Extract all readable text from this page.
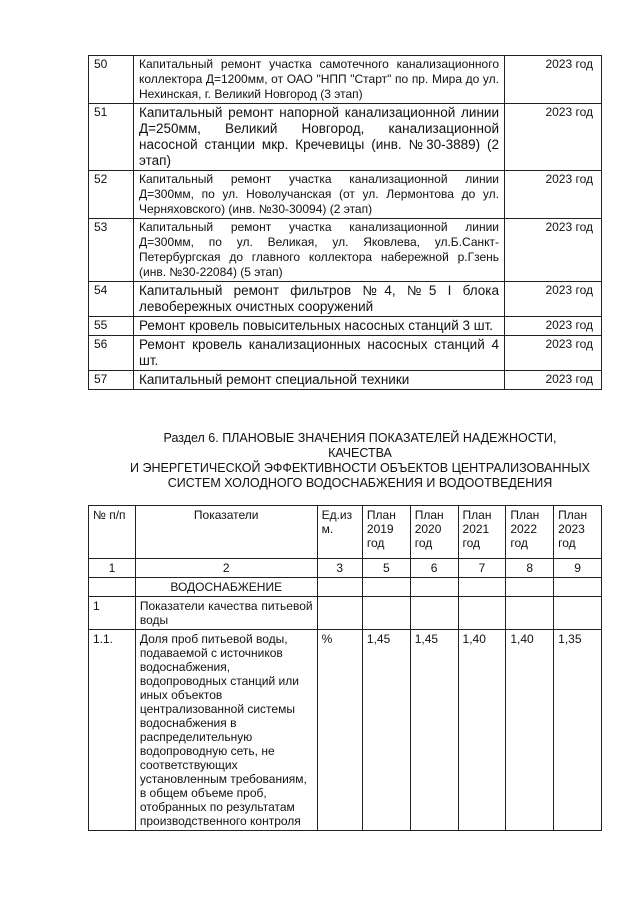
50	Капитальный ремонт участка самотечного канализационного коллектора Д=1200мм, от ОАО "НПП "Старт" по пр. Мира до ул. Нехинская, г. Великий Новгород (3 этап)	2023 год
51	Капитальный ремонт напорной канализационной линии Д=250мм, Великий Новгород, канализационной насосной станции мкр. Кречевицы (инв. №30-3889) (2 этап)	2023 год
52	Капитальный ремонт участка канализационной линии Д=300мм, по ул. Новолучанская (от ул. Лермонтова до ул. Черняховского) (инв. №30-30094) (2 этап)	2023 год
53	Капитальный ремонт участка канализационной линии Д=300мм, по ул. Великая, ул. Яковлева, ул.Б.Санкт-Петербургская до главного коллектора набережной р.Гзень (инв. №30-22084) (5 этап)	2023 год
54	Капитальный ремонт фильтров №4, №5 I блока левобережных очистных сооружений	2023 год
55	Ремонт кровель повысительных насосных станций 3 шт.	2023 год
56	Ремонт кровель канализационных насосных станций 4 шт.	2023 год
57	Капитальный ремонт специальной техники	2023 год
Раздел 6. ПЛАНОВЫЕ ЗНАЧЕНИЯ ПОКАЗАТЕЛЕЙ НАДЕЖНОСТИ, КАЧЕСТВА
И ЭНЕРГЕТИЧЕСКОЙ ЭФФЕКТИВНОСТИ ОБЪЕКТОВ ЦЕНТРАЛИЗОВАННЫХ
СИСТЕМ ХОЛОДНОГО ВОДОСНАБЖЕНИЯ И ВОДООТВЕДЕНИЯ
№ п/п	Показатели	Ед.из м.	План 2019 год	План 2020 год	План 2021 год	План 2022 год	План 2023 год
1	2	3	5	6	7	8	9
	ВОДОСНАБЖЕНИЕ						
1	Показатели качества питьевой воды						
1.1.	Доля проб питьевой воды, подаваемой с источников водоснабжения, водопроводных станций или иных объектов централизованной системы водоснабжения в распределительную водопроводную сеть, не соответствующих установленным требованиям, в общем объеме проб, отобранных по результатам производственного контроля	%	1,45	1,45	1,40	1,40	1,35
